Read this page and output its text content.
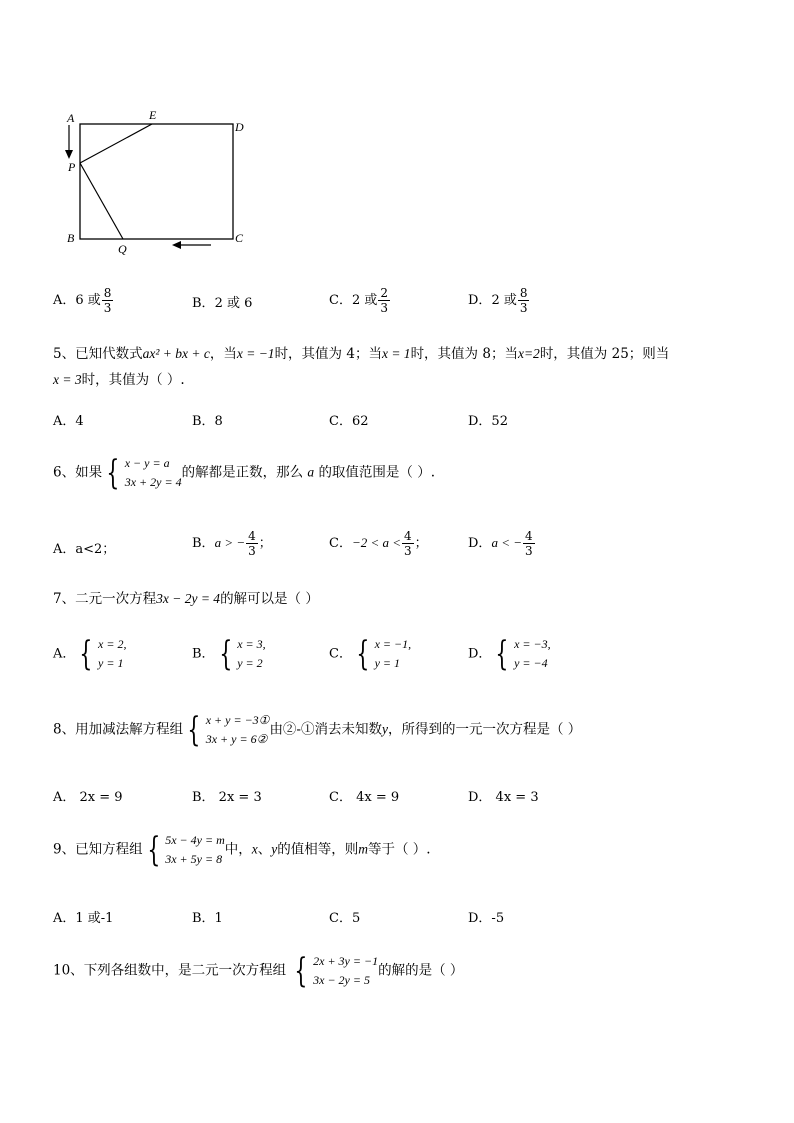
A	E
D
P
B
Q
C
A．6 或 $\frac{8}{3}$	B．2 或 6	C．2 或 $\frac{2}{3}$	D．2 或 $\frac{8}{3}$
5、已知代数式ax² + bx + c，当x = −1时，其值为 4；当x = 1时，其值为 8；当x=2时，其值为 25；则当
x = 3时，其值为（ ）.
A．4	B．8	C．62	D．52
6、如果 { x − y = a
3x + 2y = 4
的解都是正数，那么 a 的取值范围是（ ）.
A．a<2；	B．a > − $\frac{4}{3}$ ；	C．$-2 < a < \frac{4}{3}$ ；	D．a < − $\frac{4}{3}$
7、二元一次方程3x − 2y = 4的解可以是（ ）
A． { x = 2,
y = 1
B． { x = 3,
y = 2
C． { x = −1,
y = 1
D． { x = −3,
y = −4
8、用加减法解方程组 { x + y = −3①
3x + y = 6②
由②-①消去未知数y，所得到的一元一次方程是（ ）
A． 2x = 9	B． 2x = 3	C． 4x = 9	D． 4x = 3
9、已知方程组 { 5x − 4y = m
3x + 5y = 8
中，x、y的值相等，则m等于（ ）.
A．1 或-1	B．1	C．5	D．-5
10、下列各组数中，是二元一次方程组 { 2x + 3y = −1
3x − 2y = 5
的解的是（ ）
